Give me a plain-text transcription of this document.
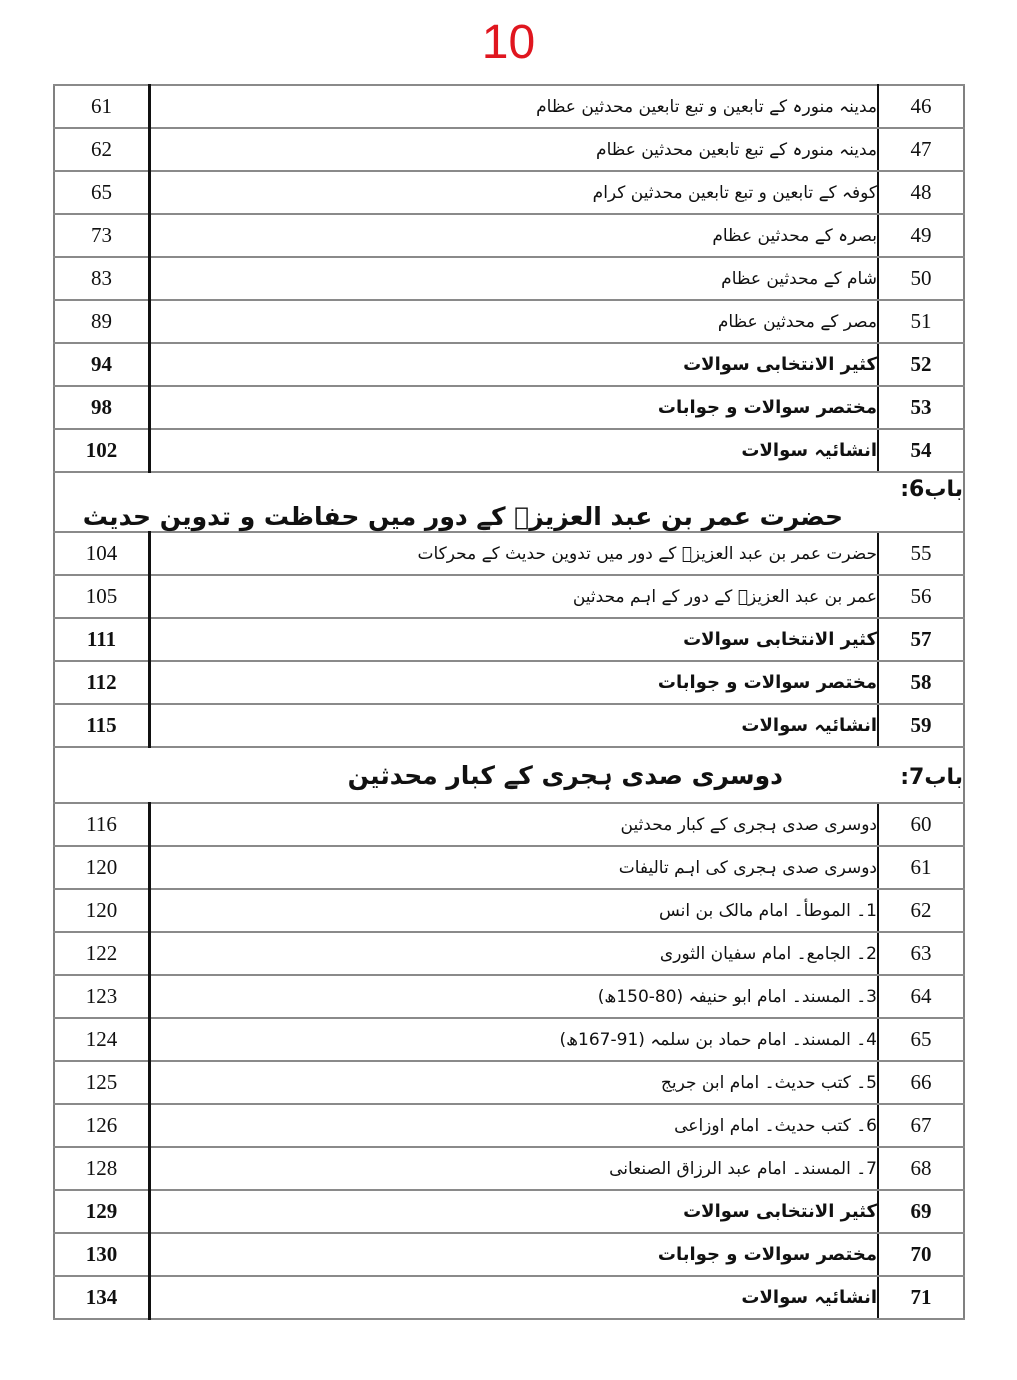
10
61	مدینہ منورہ کے تابعین و تبع تابعین محدثین عظام	46
62	مدینہ منورہ کے تبع تابعین محدثین عظام	47
65	کوفہ کے تابعین و تبع تابعین محدثین کرام	48
73	بصرہ کے محدثین عظام	49
83	شام کے محدثین عظام	50
89	مصر کے محدثین عظام	51
94	کثیر الانتخابی سوالات	52
98	مختصر سوالات و جوابات	53
102	انشائیہ سوالات	54
باب6:حضرت عمر بن عبد العزیزؒ کے دور میں حفاظت و تدوین حدیث		
104	حضرت عمر بن عبد العزیزؒ کے دور میں تدوین حدیث کے محرکات	55
105	عمر بن عبد العزیزؒ کے دور کے اہم محدثین	56
111	کثیر الانتخابی سوالات	57
112	مختصر سوالات و جوابات	58
115	انشائیہ سوالات	59
باب7:دوسری صدی ہجری کے کبار محدثین		
116	دوسری صدی ہجری کے کبار محدثین	60
120	دوسری صدی ہجری کی اہم تالیفات	61
120	1۔ الموطأ۔ امام مالک بن انس	62
122	2۔ الجامع۔ امام سفیان الثوری	63
123	3۔ المسند۔ امام ابو حنیفہ (80-150ھ)	64
124	4۔ المسند۔ امام حماد بن سلمہ (91-167ھ)	65
125	5۔ کتب حدیث۔ امام ابن جریج	66
126	6۔ کتب حدیث۔ امام اوزاعی	67
128	7۔ المسند۔ امام عبد الرزاق الصنعانی	68
129	کثیر الانتخابی سوالات	69
130	مختصر سوالات و جوابات	70
134	انشائیہ سوالات	71
